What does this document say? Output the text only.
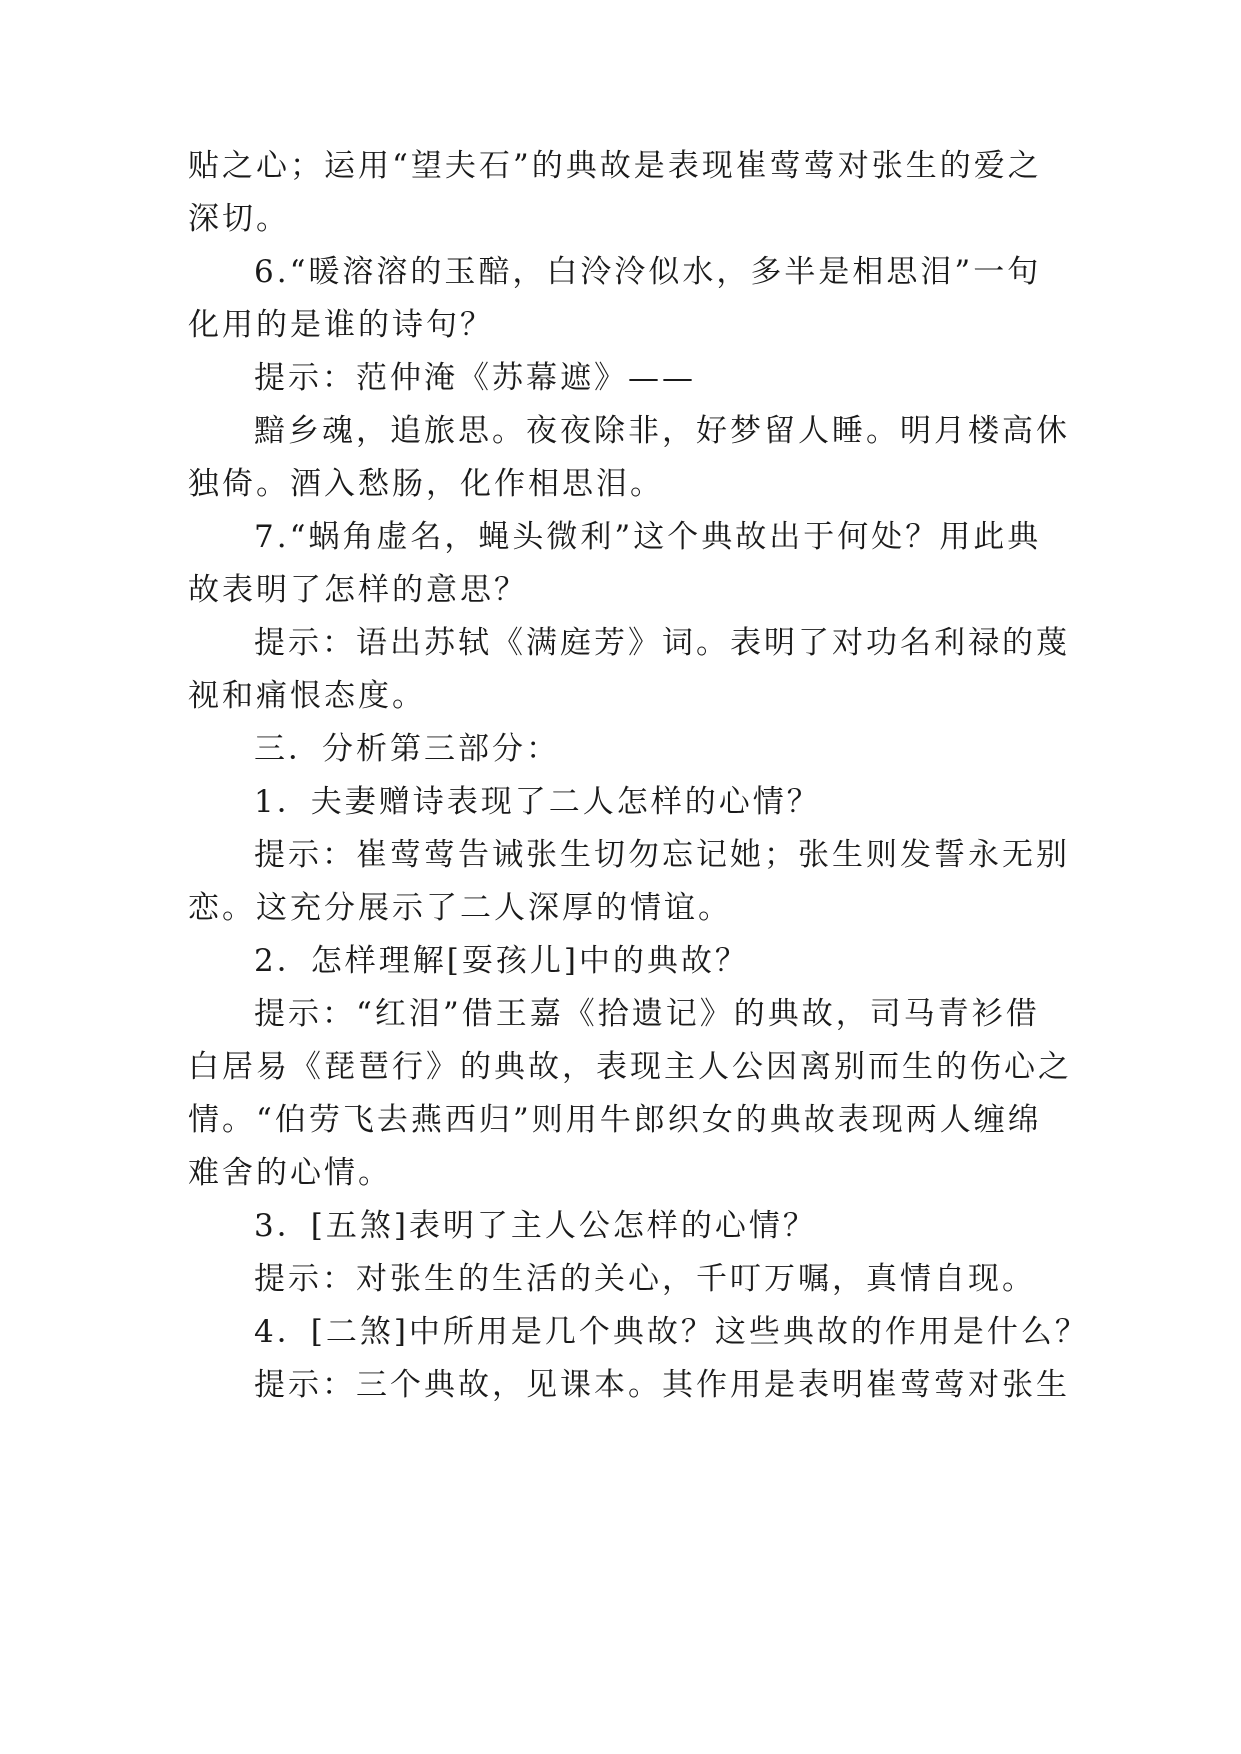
贴之心；运用“望夫石”的典故是表现崔莺莺对张生的爱之
深切。
6.“暖溶溶的玉醅，白泠泠似水，多半是相思泪”一句
化用的是谁的诗句？
提示：范仲淹《苏幕遮》——
黯乡魂，追旅思。夜夜除非，好梦留人睡。明月楼高休
独倚。酒入愁肠，化作相思泪。
7.“蜗角虚名，蝇头微利”这个典故出于何处？用此典
故表明了怎样的意思？
提示：语出苏轼《满庭芳》词。表明了对功名利禄的蔑
视和痛恨态度。
三．分析第三部分：
1．夫妻赠诗表现了二人怎样的心情？
提示：崔莺莺告诫张生切勿忘记她；张生则发誓永无别
恋。这充分展示了二人深厚的情谊。
2．怎样理解[耍孩儿]中的典故？
提示：“红泪”借王嘉《拾遗记》的典故，司马青衫借
白居易《琵琶行》的典故，表现主人公因离别而生的伤心之
情。“伯劳飞去燕西归”则用牛郎织女的典故表现两人缠绵
难舍的心情。
3．[五煞]表明了主人公怎样的心情？
提示：对张生的生活的关心，千叮万嘱，真情自现。
4．[二煞]中所用是几个典故？这些典故的作用是什么？
提示：三个典故，见课本。其作用是表明崔莺莺对张生
